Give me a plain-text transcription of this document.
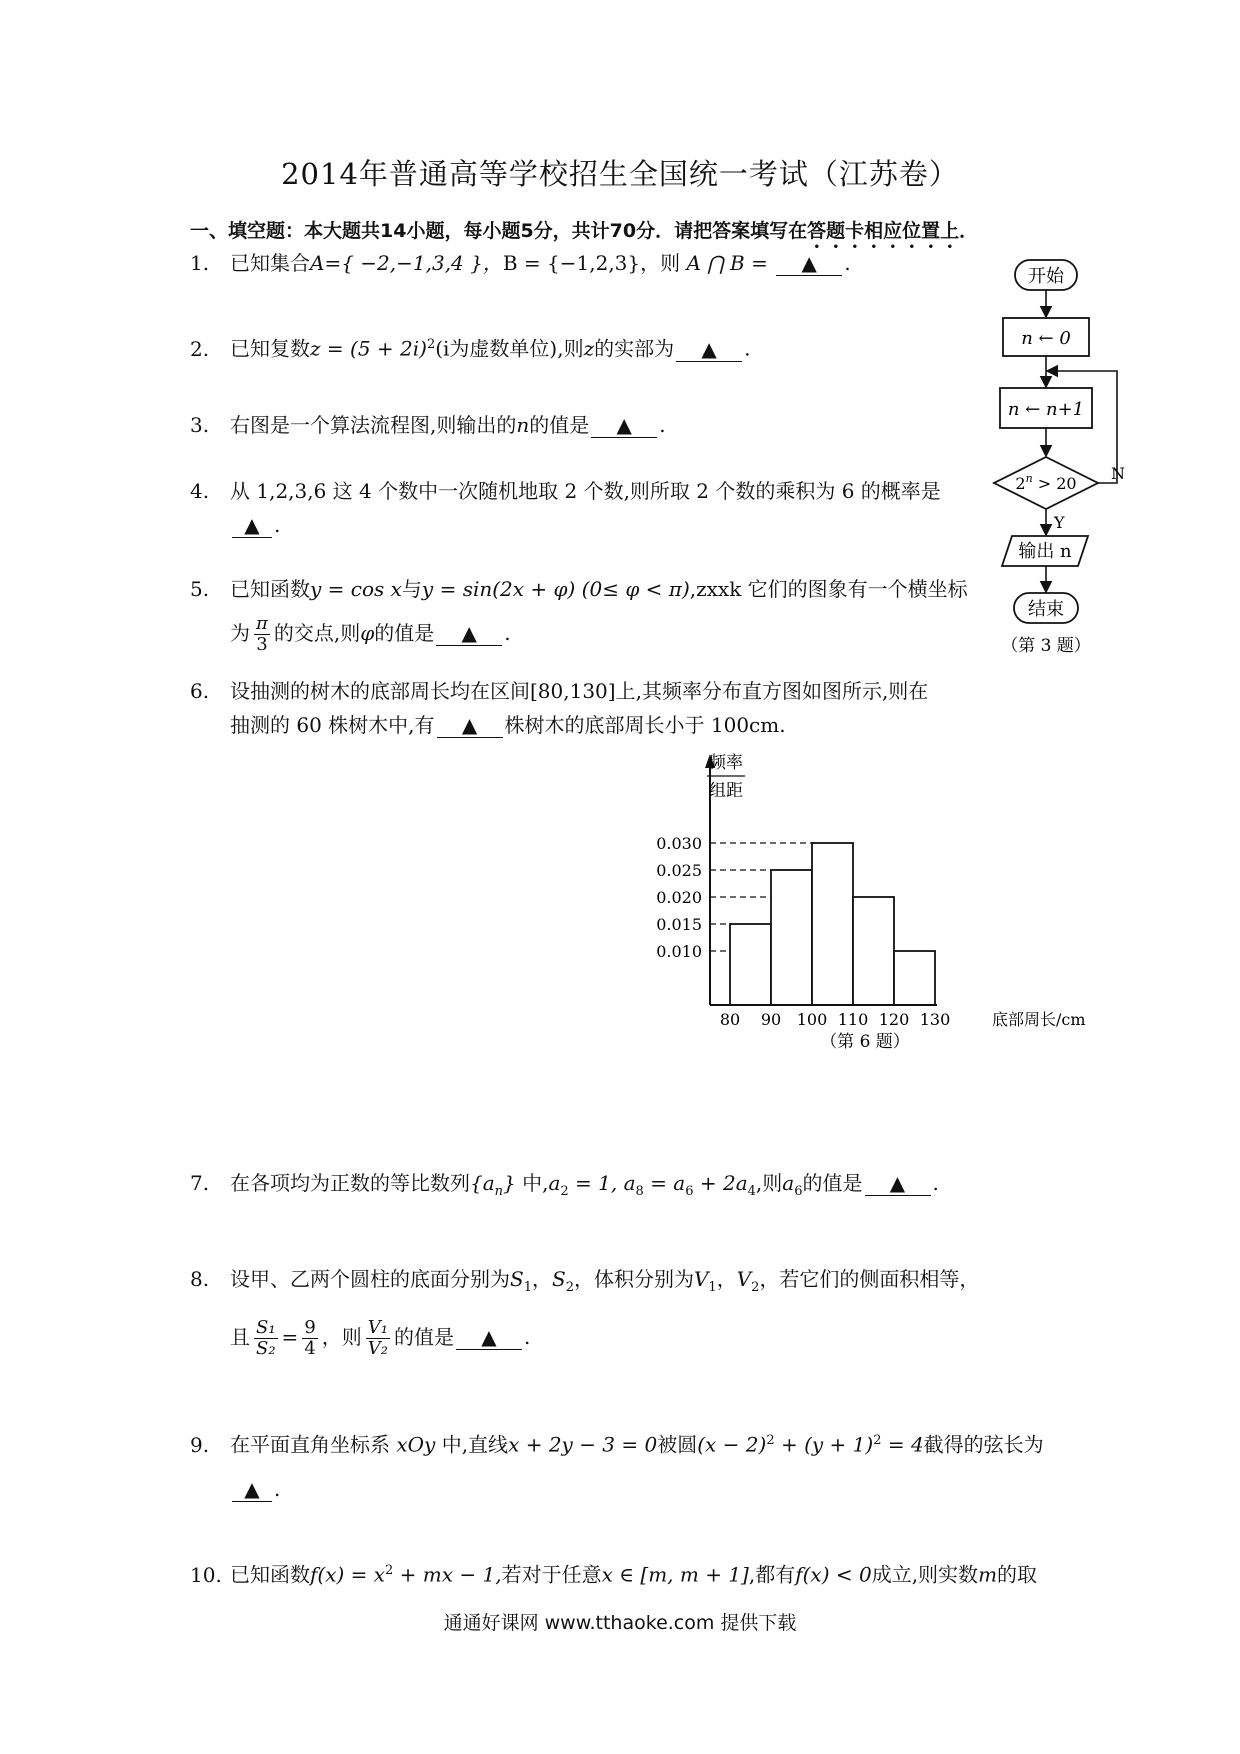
2014年普通高等学校招生全国统一考试（江苏卷）
一、填空题：本大题共14小题，每小题5分，共计70分．请把答案填写在答题卡相应位置上．
1. 已知集合A={ −2,−1,3,4 }，B = {−1,2,3}，则 A ⋂ B = ▲ .
2. 已知复数$z = (5 + 2i)^2(i$为虚数单位),则z的实部为 ▲ .
3. 右图是一个算法流程图,则输出的n的值是 ▲ .
4. 从 1,2,3,6 这 4 个数中一次随机地取 2 个数,则所取 2 个数的乘积为 6 的概率是
▲ .
5. 已知函数y = cos x与y = sin(2x + φ) (0≤ φ < π),zxxk 它们的图象有一个横坐标
为 $\frac{\pi}{3}$ 的交点,则φ的值是 ▲ .
6. 设抽测的树木的底部周长均在区间[80,130]上,其频率分布直方图如图所示,则在
抽测的 60 株树木中,有 ▲ 株树木的底部周长小于 100cm.
0.030
0.025
0.020
0.015
0.010
80 90 100 110 120 130
频率
组距
底部周长/cm
（第 6 题）
开始
n ← 0
n ← n+1
$2^n > 20$
N
Y
输出 n
结束
（第 3 题）
7. 在各项均为正数的等比数列$\{a_n\}$ 中$,a_2 = 1$, $a_8 = a_6 + 2a_4$,则$a_6$的值是 ▲ .
8. 设甲、乙两个圆柱的底面分别为$S_1$，$S_2$，体积分别为$V_1$，$V_2$，若它们的侧面积相等，
且 $\frac{\text{S₁}}{\text{S₂}} = \frac{9}{4}$ ，则 $\frac{\text{V₁}}{\text{V₂}}$ 的值是 ▲ .
9. 在平面直角坐标系 xOy 中,直线x + 2y − 3 = 0被圆$(x - 2)^2 + (y + 1)^2 = 4$截得的弦长为
▲ .
10. 已知函数$f(x) = x^2$ + mx − 1,若对于任意x ∈ [m, m + 1],都有f(x) < 0成立,则实数m的取
通通好课网 www.tthaoke.com 提供下载
